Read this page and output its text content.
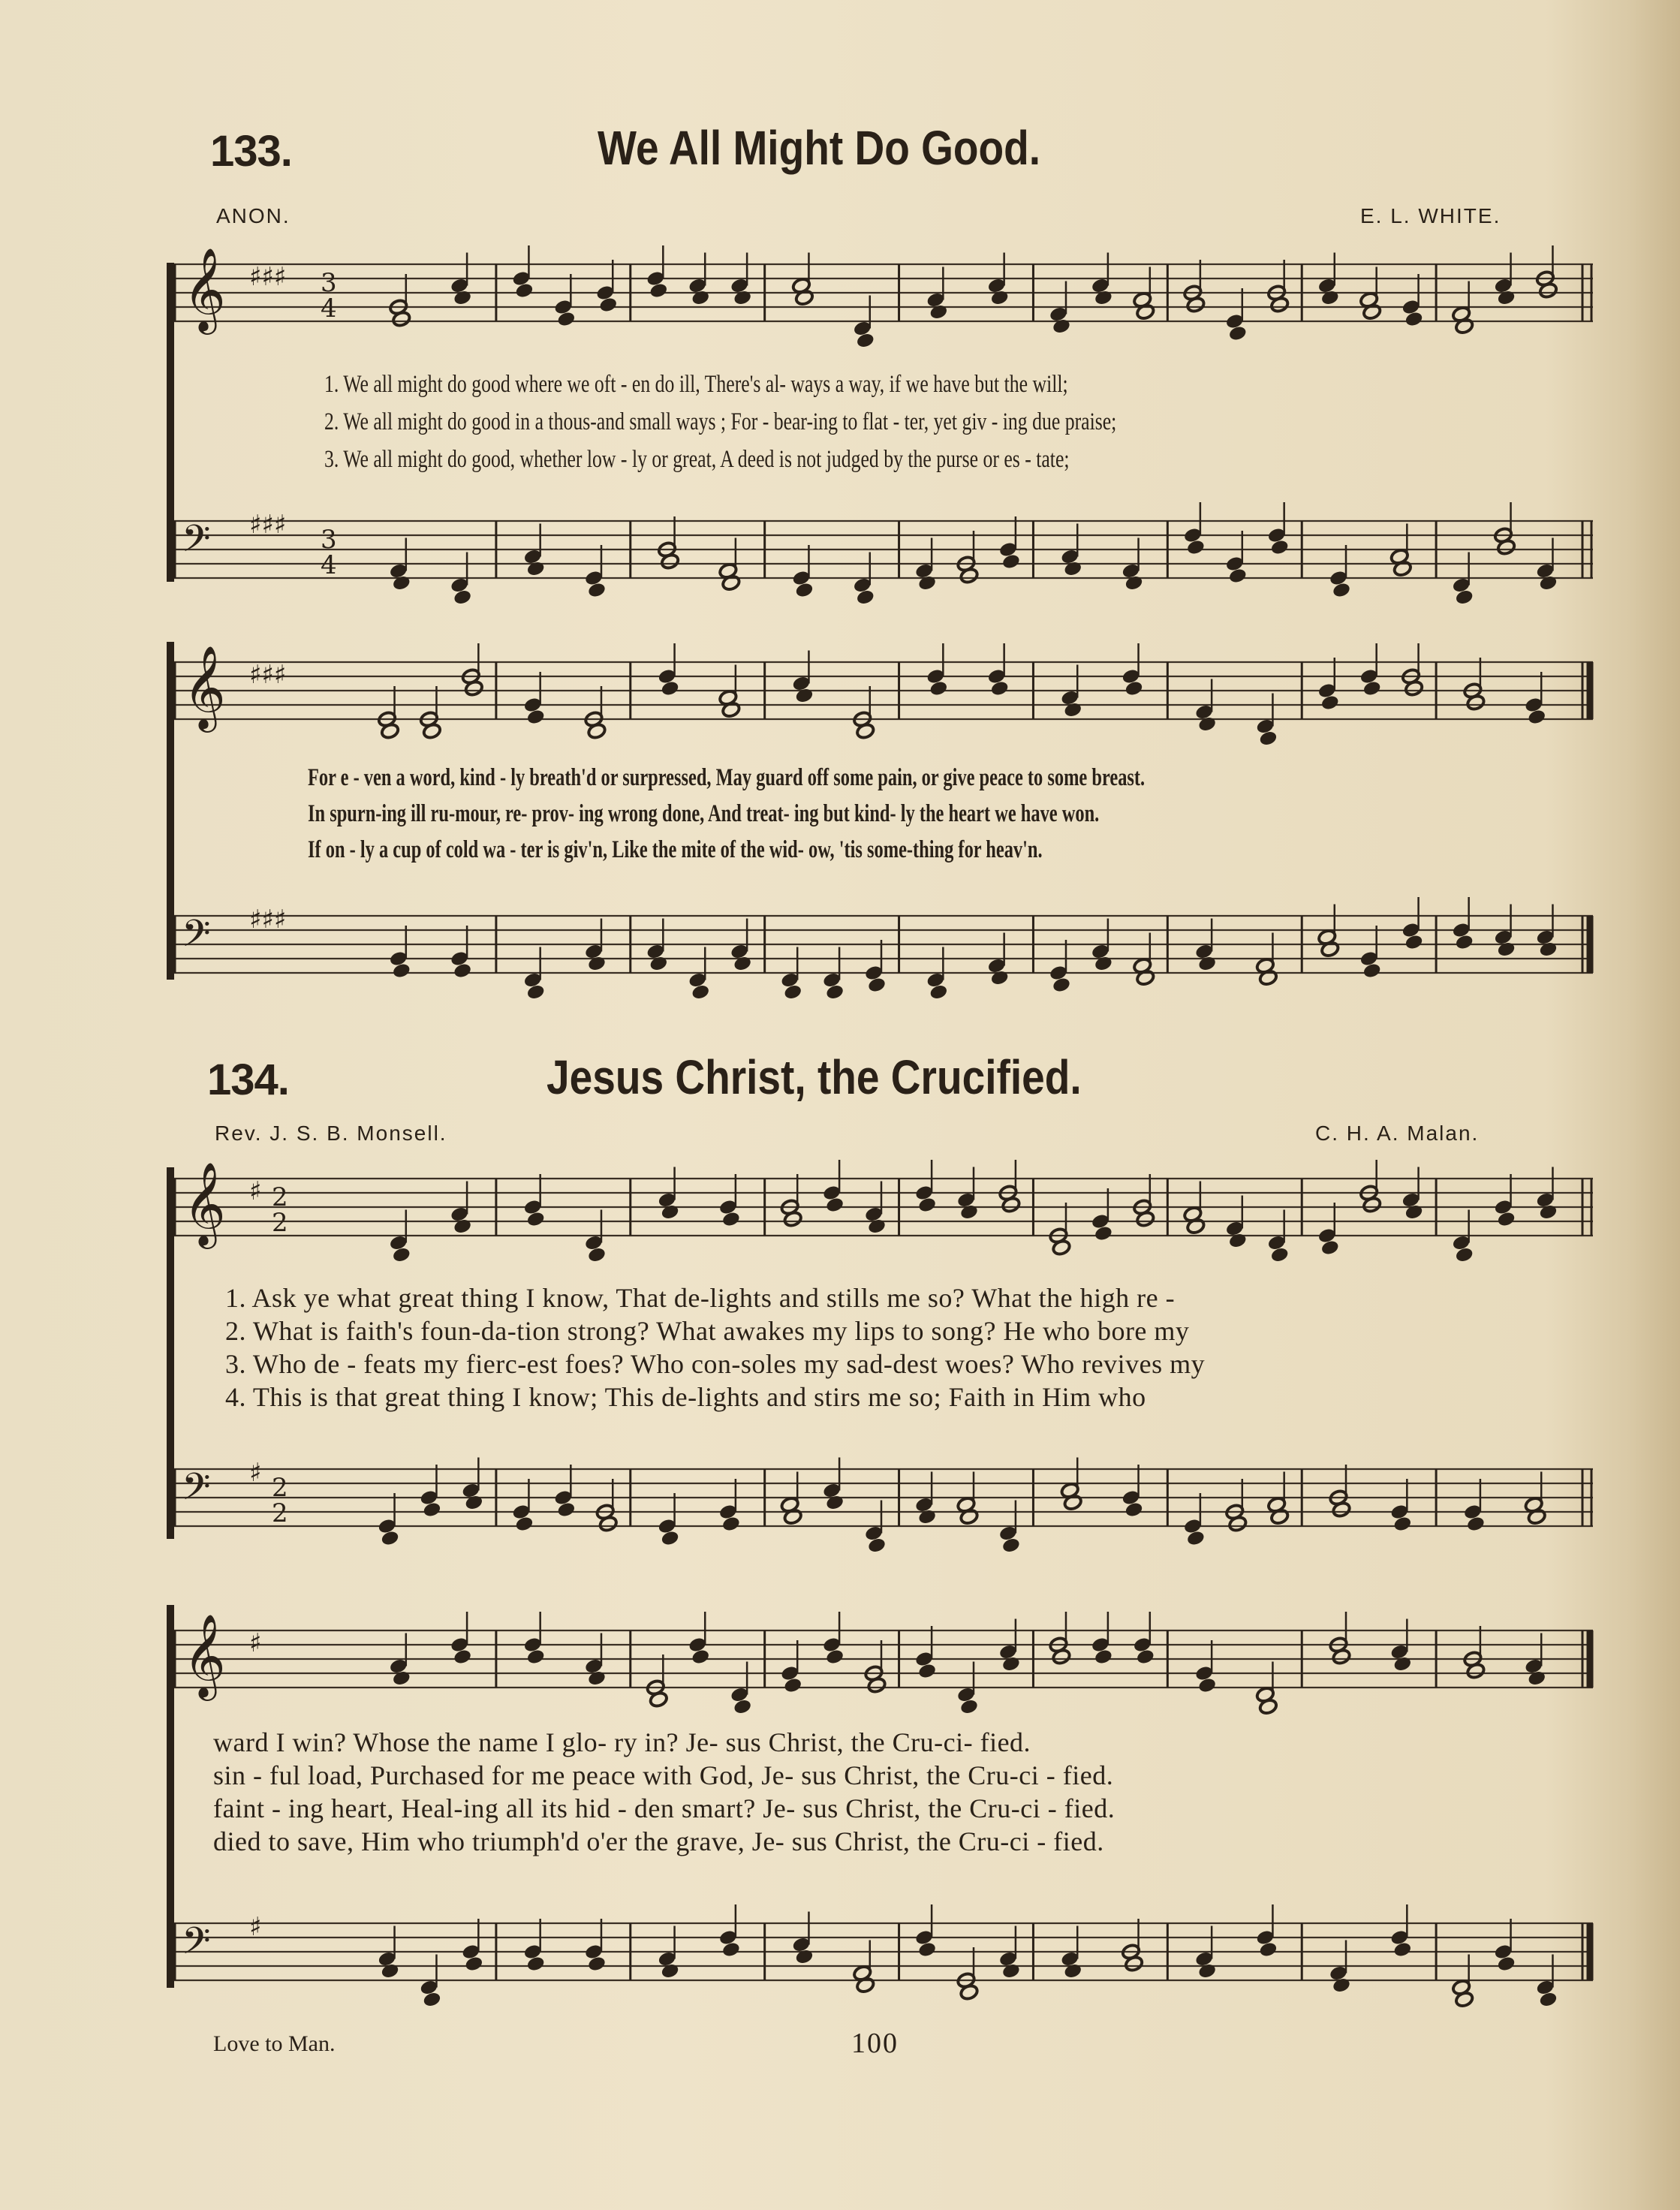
133.	We All Might Do Good.
ANON.	E. L. WHITE.
𝄞 ♯♯♯ 3
4
𝄢 ♯♯♯ 3
4
1. We all might do good where we oft - en do ill, There's al- ways a way, if we have but the will;
2. We all might do good in a thous-and small ways ; For - bear-ing to flat - ter, yet giv - ing due praise;
3. We all might do good, whether low - ly or great, A deed is not judged by the purse or es - tate;
𝄞 ♯♯♯
𝄢 ♯♯♯
For e - ven a word, kind - ly breath'd or surpressed, May guard off some pain, or give peace to some breast.
In spurn-ing ill ru-mour, re- prov- ing wrong done, And treat- ing but kind- ly the heart we have won.
If on - ly a cup of cold wa - ter is giv'n, Like the mite of the wid- ow, 'tis some-thing for heav'n.
134.	Jesus Christ, the Crucified.
Rev. J. S. B. Monsell.	C. H. A. Malan.
𝄞 ♯ 2
2
𝄢 ♯ 2
2
1. Ask ye what great thing I know, That de-lights and stills me so? What the high re -
2. What is faith's foun-da-tion strong? What awakes my lips to song? He who bore my
3. Who de - feats my fierc-est foes? Who con-soles my sad-dest woes? Who revives my
4. This is that great thing I know; This de-lights and stirs me so; Faith in Him who
𝄞 ♯
𝄢 ♯
ward I win? Whose the name I glo- ry in? Je- sus Christ, the Cru-ci- fied.
sin - ful load, Purchased for me peace with God, Je- sus Christ, the Cru-ci - fied.
faint - ing heart, Heal-ing all its hid - den smart? Je- sus Christ, the Cru-ci - fied.
died to save, Him who triumph'd o'er the grave, Je- sus Christ, the Cru-ci - fied.
Love to Man.	100
